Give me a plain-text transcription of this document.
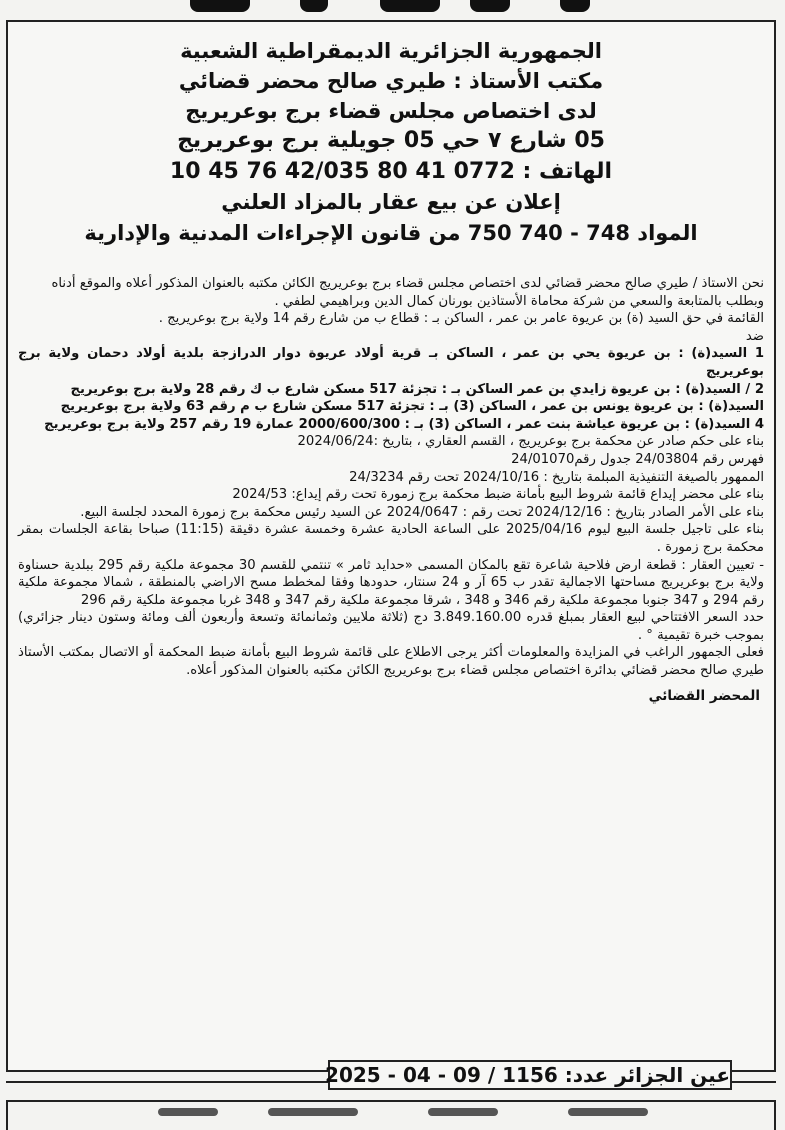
الجمهورية الجزائرية الديمقراطية الشعبية
مكتب الأستاذ : طيري صالح محضر قضائي
لدى اختصاص مجلس قضاء برج بوعريريج
05 شارع ٧ حي 05 جويلية برج بوعريريج
الهاتف : 0772 41 80 42/035 76 45 10
إعلان عن بيع عقار بالمزاد العلني
المواد 748 - 740 750 من قانون الإجراءات المدنية والإدارية

نحن الاستاذ / طيري صالح محضر قضائي لدى اختصاص مجلس قضاء برج بوعريريج الكائن مكتبه بالعنوان المذكور أعلاه والموقع أدناه

وبطلب بالمتابعة والسعي من شركة محاماة الأستاذين بورنان كمال الدين وبراهيمي لطفي .

القائمة في حق السيد (ة) بن عريوة عامر بن عمر ، الساكن بـ : قطاع ب من شارع رقم 14 ولاية برج بوعريريج .

ضد

1 السيد(ة) : بن عريوة يحي بن عمر ، الساكن بـ قرية أولاد عريوة دوار الدرازجة بلدية أولاد دحمان ولاية برج بوعريريج

2 / السيد(ة) : بن عريوة زايدي بن عمر الساكن بـ : تجزئة 517 مسكن شارع ب ك رقم 28 ولاية برج بوعريريج

السيد(ة) : بن عريوة يونس بن عمر ، الساكن (3) بـ : تجزئة 517 مسكن شارع ب م رقم 63 ولاية برج بوعريريج

4 السيد(ة) : بن عريوة عياشة بنت عمر ، الساكن (3) بـ : 2000/600/300 عمارة 19 رقم 257 ولاية برج بوعريريج

بناء على حكم صادر عن محكمة برج بوعريريج ، القسم العقاري ، بتاريخ :2024/06/24

فهرس رقم 24/03804 جدول رقم24/01070

الممهور بالصيغة التنفيذية المبلمة بتاريخ : 2024/10/16 تحت رقم 24/3234

بناء على محضر إيداع قائمة شروط البيع بأمانة ضبط محكمة برج زمورة تحت رقم إيداع: 2024/53

بناء على الأمر الصادر بتاريخ : 2024/12/16 تحت رقم : 2024/0647 عن السيد رئيس محكمة برج زمورة المحدد لجلسة البيع.

بناء على تاجيل جلسة البيع ليوم 2025/04/16 على الساعة الحادية عشرة وخمسة عشرة دقيقة (11:15) صباحا بقاعة الجلسات بمقر محكمة برج زمورة .

- تعيين العقار : قطعة ارض فلاحية شاعرة تقع بالمكان المسمى «حدايد ثامر » تنتمي للقسم 30 مجموعة ملكية رقم 295 ببلدية حسناوة ولاية برج بوعريريج مساحتها الاجمالية تقدر ب 65 آر و 24 سنتار، حدودها وفقا لمخطط مسح الاراضي بالمنطقة ، شمالا مجموعة ملكية رقم 294 و 347 جنوبا مجموعة ملكية رقم 346 و 348 ، شرقا مجموعة ملكية رقم 347 و 348 غربا مجموعة ملكية رقم 296

حدد السعر الافتتاحي لبيع العقار بمبلغ قدره 3.849.160.00 دج (ثلاثة ملايين وثمانمائة وتسعة وأربعون ألف ومائة وستون دينار جزائري) بموجب خبرة تقيمية ° .

فعلى الجمهور الراغب في المزايدة والمعلومات أكثر يرجى الاطلاع على قائمة شروط البيع بأمانة ضبط المحكمة أو الاتصال بمكتب الأستاذ طيري صالح محضر قضائي بدائرة اختصاص مجلس قضاء برج بوعريريج الكائن مكتبه بالعنوان المذكور أعلاه.

المحضر القضائي
عين الجزائر عدد: 1156 / 09 - 04 - 2025
